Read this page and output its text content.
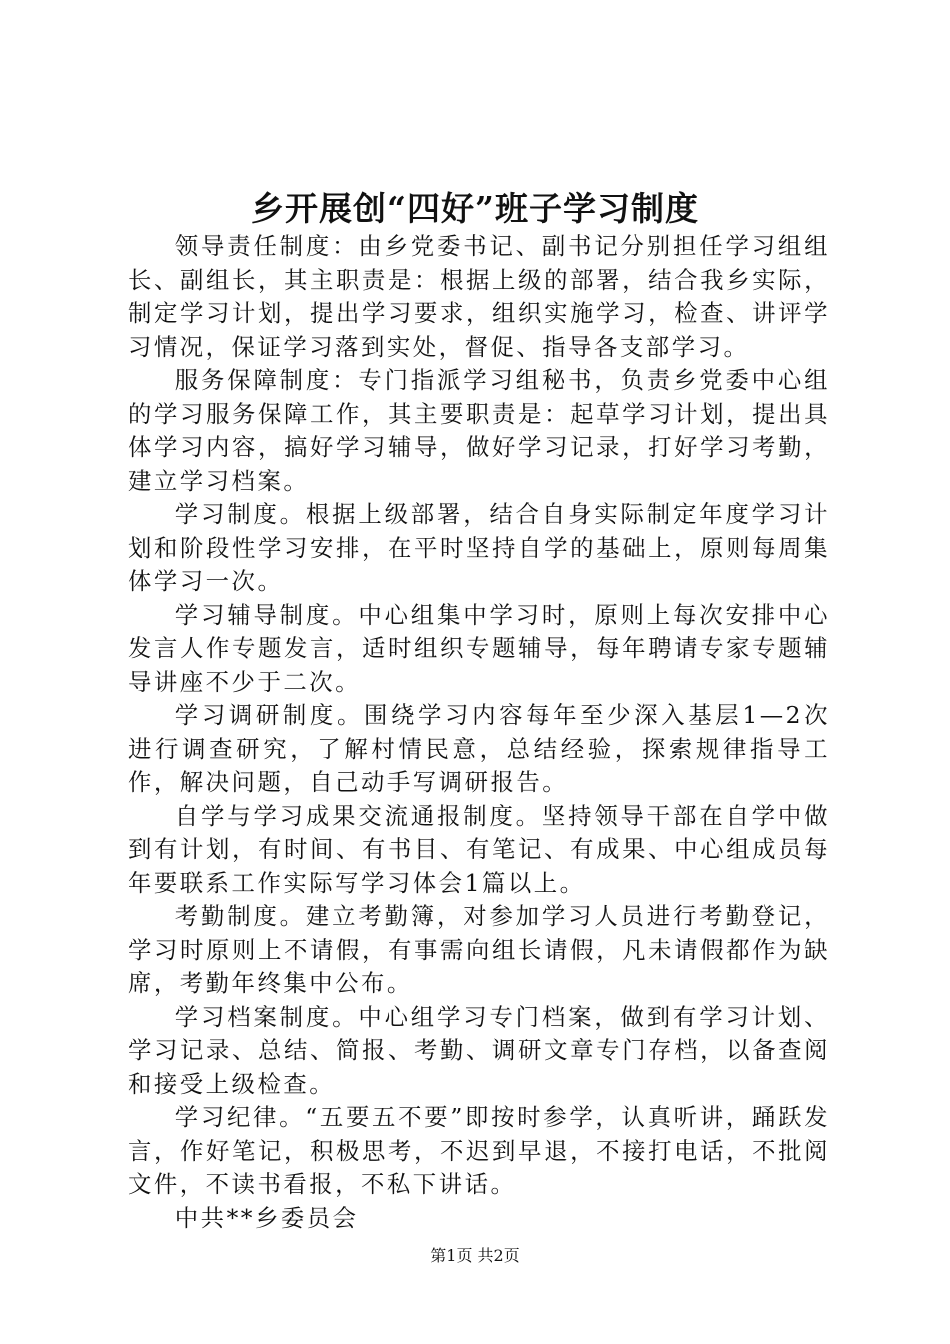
乡开展创“四好”班子学习制度

领导责任制度：由乡党委书记、副书记分别担任学习组组长、副组长，其主职责是：根据上级的部署，结合我乡实际，制定学习计划，提出学习要求，组织实施学习，检查、讲评学习情况，保证学习落到实处，督促、指导各支部学习。

服务保障制度：专门指派学习组秘书，负责乡党委中心组的学习服务保障工作，其主要职责是：起草学习计划，提出具体学习内容，搞好学习辅导，做好学习记录，打好学习考勤，建立学习档案。

学习制度。根据上级部署，结合自身实际制定年度学习计划和阶段性学习安排，在平时坚持自学的基础上，原则每周集体学习一次。

学习辅导制度。中心组集中学习时，原则上每次安排中心发言人作专题发言，适时组织专题辅导，每年聘请专家专题辅导讲座不少于二次。

学习调研制度。围绕学习内容每年至少深入基层1—2次进行调查研究，了解村情民意，总结经验，探索规律指导工作，解决问题，自己动手写调研报告。

自学与学习成果交流通报制度。坚持领导干部在自学中做到有计划，有时间、有书目、有笔记、有成果、中心组成员每年要联系工作实际写学习体会1篇以上。

考勤制度。建立考勤簿，对参加学习人员进行考勤登记，学习时原则上不请假，有事需向组长请假，凡未请假都作为缺席，考勤年终集中公布。

学习档案制度。中心组学习专门档案，做到有学习计划、学习记录、总结、简报、考勤、调研文章专门存档，以备查阅和接受上级检查。

学习纪律。“五要五不要”即按时参学，认真听讲，踊跃发言，作好笔记，积极思考，不迟到早退，不接打电话，不批阅文件，不读书看报，不私下讲话。

中共**乡委员会

第1页 共2页
